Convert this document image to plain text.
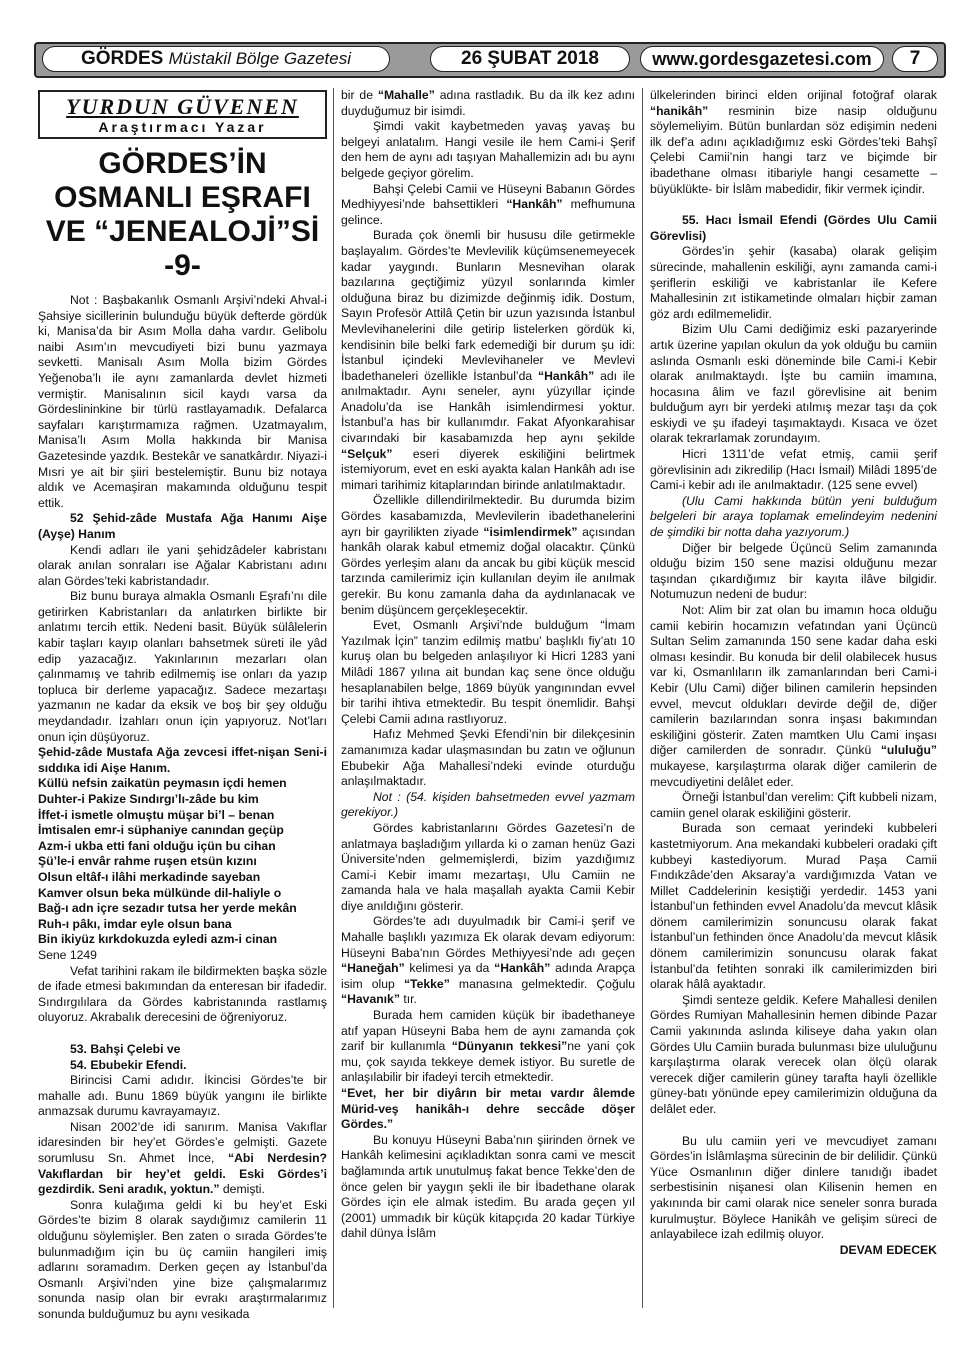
GÖRDES Müstakil Bölge Gazetesi	26 ŞUBAT 2018	www.gordesgazetesi.com	7
YURDUN GÜVENEN
Araştırmacı Yazar
GÖRDES’İN
OSMANLI EŞRAFI
VE “JENEALOJİ”Sİ -9-

Not : Başbakanlık Osmanlı Arşivi’ndeki Ahval-i Şahsiye sicillerinin bulunduğu büyük defterde gördük ki, Manisa’da bir Asım Molla daha vardır. Gelibolu naibi Asım’ın mevcudiyeti bizi bunu yazmaya sevketti. Manisalı Asım Molla bizim Gördes Yeğenoba’lı ile aynı zamanlarda devlet hizmeti vermiştir. Manisalının sicil kaydı varsa da Gördeslininkine bir türlü rastlayamadık. Defalarca sayfaları karıştırmamıza rağmen. Uzatmayalım, Manisa’lı Asım Molla hakkında bir Manisa Gazetesinde yazdık. Bestekâr ve sanatkârdır. Niyazi-i Mısri ye ait bir şiiri bestelemiştir. Bunu biz notaya aldık ve Acemaşiran makamında olduğunu tespit ettik.

52 Şehid-zâde Mustafa Ağa Hanımı Aişe (Ayşe) Hanım

Kendi adları ile yani şehidzâdeler kabristanı olarak anılan sonraları ise Ağalar Kabristanı adını alan Gördes’teki kabristandadır.

Biz bunu buraya almakla Osmanlı Eşrafı’nı dile getirirken Kabristanları da anlatırken birlikte bir anlatımı tercih ettik. Nedeni basit. Büyük sülâlelerin kabir taşları kayıp olanları bahsetmek süreti ile yâd edip yazacağız. Yakınlarının mezarları olan çalınmamış ve tahrib edilmemiş ise onları da yazıp topluca bir derleme yapacağız. Sadece mezartaşı yazmanın ne kadar da eksik ve boş bir şey olduğu meydandadır. İzahları onun için yapıyoruz. Not’ları onun için düşüyoruz.

Şehid-zâde Mustafa Ağa zevcesi iffet-nişan Seni-i sıddıka idi Aişe Hanım.

Küllü nefsin zaikatün peymasın içdi hemen

Duhter-i Pakize Sındırgı’lı-zâde bu kim

İffet-i ismetle olmuştu müşar bi’l – benan

İmtisalen emr-i süphaniye canından geçüp

Azm-i ukba etti fani olduğu içün bu cihan

Şü’le-i envâr rahme ruşen etsün kızını

Olsun eltâf-ı ilâhi merkadinde sayeban

Kamver olsun beka mülkünde dil-haliyle o

Bağ-ı adn içre sezadır tutsa her yerde mekân

Ruh-ı pâkı, imdar eyle olsun bana

Bin ikiyüz kırkdokuzda eyledi azm-i cinan

Sene 1249

Vefat tarihini rakam ile bildirmekten başka sözle de ifade etmesi bakımından da enteresan bir ifadedir. Sındırgılılara da Gördes kabristanında rastlamış oluyoruz. Akrabalık derecesini de öğreniyoruz.

53. Bahşi Çelebi ve

54. Ebubekir Efendi.

Birincisi Cami adıdır. İkincisi Gördes’te bir mahalle adı. Bunu 1869 büyük yangını ile birlikte anmazsak durumu kavrayamayız.

Nisan 2002’de idi sanırım. Manisa Vakıflar idaresinden bir hey’et Gördes’e gelmişti. Gazete sorumlusu Sn. Ahmet İnce, “Abi Nerdesin? Vakıflardan bir hey’et geldi. Eski Gördes’i gezdirdik. Seni aradık, yoktun.” demişti.

Sonra kulağıma geldi ki bu hey’et Eski Gördes’te bizim 8 olarak saydığımız camilerin 11 olduğunu söylemişler. Ben zaten o sırada Gördes’te bulunmadığım için bu üç camiin hangileri imiş adlarını soramadım. Derken geçen ay İstanbul’da Osmanlı Arşivi’nden yine bize çalışmalarımız sonunda nasip olan bir evrakı araştırmalarımız sonunda bulduğumuz bu aynı vesikada

bir de “Mahalle” adına rastladık. Bu da ilk kez adını duyduğumuz bir isimdi.

Şimdi vakit kaybetmeden yavaş yavaş bu belgeyi anlatalım. Hangi vesile ile hem Cami-i Şerif den hem de aynı adı taşıyan Mahallemizin adı bu aynı belgede geçiyor görelim.

Bahşi Çelebi Camii ve Hüseyni Babanın Gördes Medhiyyesi’nde bahsettikleri “Hankâh” mefhumuna gelince.

Burada çok önemli bir hususu dile getirmekle başlayalım. Gördes’te Mevlevilik küçümsenemeyecek kadar yaygındı. Bunların Mesnevihan olarak bazılarına geçtiğimiz yüzyıl sonlarında kimler olduğuna biraz bu dizimizde değinmiş idik. Dostum, Sayın Profesör Attilâ Çetin bir uzun yazısında İstanbul Mevlevihanelerini dile getirip listelerken gördük ki, kendisinin bile belki fark edemediği bir durum şu idi: İstanbul içindeki Mevlevihaneler ve Mevlevi İbadethaneleri özellikle İstanbul’da “Hankâh” adı ile anılmaktadır. Aynı seneler, aynı yüzyıllar içinde Anadolu’da ise Hankâh isimlendirmesi yoktur. İstanbul’a has bir kullanımdır. Fakat Afyonkarahisar civarındaki bir kasabamızda hep aynı şekilde “Selçuk” eseri diyerek eskiliğini belirtmek istemiyorum, evet en eski ayakta kalan Hankâh adı ise mimari tarihimiz kitaplarından birinde anlatılmaktadır.

Özellikle dillendirilmektedir. Bu durumda bizim Gördes kasabamızda, Mevlevilerin ibadethanelerini ayrı bir gayrilikten ziyade “isimlendirmek” açısından hankâh olarak kabul etmemiz doğal olacaktır. Çünkü Gördes yerleşim alanı da ancak bu gibi küçük mescid tarzında camilerimiz için kullanılan deyim ile anılmak gerekir. Bu konu zamanla daha da aydınlanacak ve benim düşüncem gerçekleşecektir.

Evet, Osmanlı Arşivi’nde bulduğum “İmam Yazılmak İçin” tanzim edilmiş matbu’ başlıklı fiy’atı 10 kuruş olan bu belgeden anlaşılıyor ki Hicri 1283 yani Milâdi 1867 yılına ait bundan kaç sene önce olduğu hesaplanabilen belge, 1869 büyük yangınından evvel bir tarihi ihtiva etmektedir. Bu tespit önemlidir. Bahşi Çelebi Camii adına rastlıyoruz.

Hafız Mehmed Şevki Efendi’nin bir dilekçesinin zamanımıza kadar ulaşmasından bu zatın ve oğlunun Ebubekir Ağa Mahallesi’ndeki evinde oturduğu anlaşılmaktadır.

Not : (54. kişiden bahsetmeden evvel yazmam gerekiyor.)

Gördes kabristanlarını Gördes Gazetesi’n de anlatmaya başladığım yıllarda ki o zaman henüz Gazi Üniversite’nden gelmemişlerdi, bizim yazdığımız Cami-i Kebir imamı mezartaşı, Ulu Camiin ne zamanda hala ve hala maşallah ayakta Camii Kebir diye anıldığını gösterir.

Gördes’te adı duyulmadık bir Cami-i şerif ve Mahalle başlıklı yazımıza Ek olarak devam ediyorum: Hüseyni Baba’nın Gördes Methiyyesi’nde adı geçen “Haneğah” kelimesi ya da “Hankâh” adında Arapça isim olup “Tekke” manasına gelmektedir. Çoğulu “Havanık” tır.

Burada hem camiden küçük bir ibadethaneye atıf yapan Hüseyni Baba hem de aynı zamanda çok zarif bir kullanımla “Dünyanın tekkesi”ne yani çok mu, çok sayıda tekkeye demek istiyor. Bu suretle de anlaşılabilir bir ifadeyi tercih etmektedir.

“Evet, her bir diyârın bir metaı vardır âlemde Mürid-veş hanikâh-ı dehre seccâde döşer Gördes.”

Bu konuyu Hüseyni Baba’nın şiirinden örnek ve Hankâh kelimesini açıkladıktan sonra cami ve mescit bağlamında artık unutulmuş fakat bence Tekke’den de önce gelen bir yaygın şekli ile bir İbadethane olarak Gördes için ele almak istedim. Bu arada geçen yıl (2001) ummadık bir küçük kitapçıda 20 kadar Türkiye dahil dünya İslâm

ülkelerinden birinci elden orijinal fotoğraf olarak “hanikâh” resminin bize nasip olduğunu söylemeliyim. Bütün bunlardan söz edişimin nedeni ilk def’a adını açıkladığımız eski Gördes’teki Bahşî Çelebi Camii’nin hangi tarz ve biçimde bir ibadethane olması itibariyle hangi cesamette –büyüklükte- bir İslâm mabedidir, fikir vermek içindir.

55. Hacı İsmail Efendi (Gördes Ulu Camii Görevlisi)

Gördes’in şehir (kasaba) olarak gelişim sürecinde, mahallenin eskiliği, aynı zamanda cami-i şeriflerin eskiliği ve kabristanlar ile Kefere Mahallesinin zıt istikametinde olmaları hiçbir zaman göz ardı edilmemelidir.

Bizim Ulu Cami dediğimiz eski pazaryerinde artık üzerine yapılan okulun da yok olduğu bu camiin aslında Osmanlı eski döneminde bile Cami-i Kebir olarak anılmaktaydı. İşte bu camiin imamına, hocasına âlim ve fazıl görevlisine ait benim bulduğum ayrı bir yerdeki atılmış mezar taşı da çok eskiydi ve şu ifadeyi taşımaktaydı. Kısaca ve özet olarak tekrarlamak zorundayım.

Hicri 1311’de vefat etmiş, camii şerif görevlisinin adı zikredilip (Hacı İsmail) Milâdi 1895’de Cami-i kebir adı ile anılmaktadır. (125 sene evvel)

(Ulu Cami hakkında bütün yeni bulduğum belgeleri bir araya toplamak emelindeyim nedenini de şimdiki bir notta daha yazıyorum.)

Diğer bir belgede Üçüncü Selim zamanında olduğu bizim 150 sene mazisi olduğunu mezar taşından çıkardığımız bir kayıta ilâve bilgidir. Notumuzun nedeni de budur:

Not: Alim bir zat olan bu imamın hoca olduğu camii kebirin hocamızın vefatından yani Üçüncü Sultan Selim zamanında 150 sene kadar daha eski olması kesindir. Bu konuda bir delil olabilecek husus var ki, Osmanlıların ilk zamanlarından beri Cami-i Kebir (Ulu Cami) diğer bilinen camilerin hepsinden evvel, mevcut oldukları devirde değil de, diğer camilerin bazılarından sonra inşası bakımından eskiliğini gösterir. Zaten mamtken Ulu Cami inşası diğer camilerden de sonradır. Çünkü “ululuğu” mukayese, karşılaştırma olarak diğer camilerin de mevcudiyetini delâlet eder.

Örneği İstanbul’dan verelim: Çift kubbeli nizam, camiin genel olarak eskiliğini gösterir.

Burada son cemaat yerindeki kubbeleri kastetmiyorum. Ana mekandaki kubbeleri oradaki çift kubbeyi kastediyorum. Murad Paşa Camii Fındıkzâde’den Aksaray’a vardığımızda Vatan ve Millet Caddelerinin kesiştiği yerdedir. 1453 yani İstanbul’un fethinden evvel Anadolu’da mevcut klâsik dönem camilerimizin sonuncusu olarak fakat İstanbul’un fethinden önce Anadolu’da mevcut klâsik dönem camilerimizin sonuncusu olarak fakat İstanbul’da fetihten sonraki ilk camilerimizden biri olarak hâlâ ayaktadır.

Şimdi senteze geldik. Kefere Mahallesi denilen Gördes Rumiyan Mahallesinin hemen dibinde Pazar Camii yakınında aslında kiliseye daha yakın olan Gördes Ulu Camiin burada bulunması bize ululuğunu karşılaştırma olarak verecek olan ölçü olarak verecek diğer camilerin güney tarafta hayli özellikle güney-batı yönünde epey camilerimizin olduğuna da delâlet eder.

Bu ulu camiin yeri ve mevcudiyet zamanı Gördes’in İslâmlaşma sürecinin de bir delilidir. Çünkü Yüce Osmanlının diğer dinlere tanıdığı ibadet serbestisinin nişanesi olan Kilisenin hemen en yakınında bir cami olarak nice seneler sonra burada kurulmuştur. Böylece Hanikâh ve gelişim süreci de anlayabilece izah edilmiş oluyor.

DEVAM EDECEK
